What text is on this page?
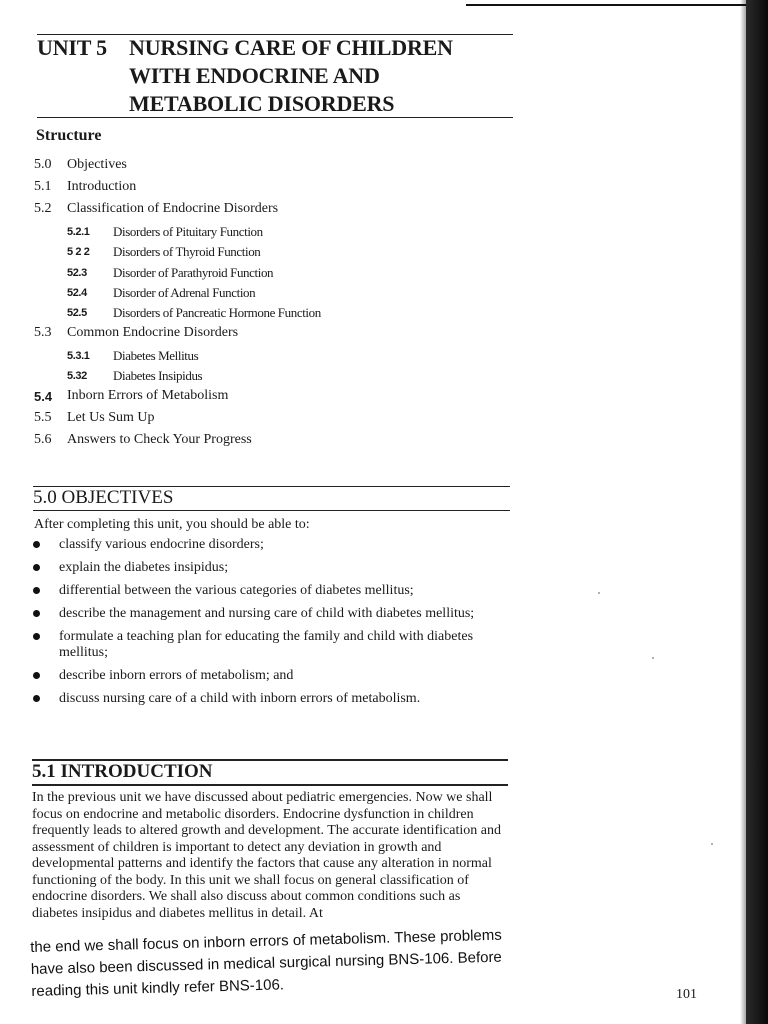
UNIT 5 NURSING CARE OF CHILDREN
WITH ENDOCRINE AND
METABOLIC DISORDERS
Structure
5.0 Objectives
5.1 Introduction
5.2 Classification of Endocrine Disorders
5.2.1 Disorders of Pituitary Function
5 2 2 Disorders of Thyroid Function
52.3 Disorder of Parathyroid Function
52.4 Disorder of Adrenal Function
52.5 Disorders of Pancreatic Hormone Function
5.3 Common Endocrine Disorders
5.3.1 Diabetes Mellitus
5.32 Diabetes Insipidus
5.4 Inborn Errors of Metabolism
5.5 Let Us Sum Up
5.6 Answers to Check Your Progress
5.0 OBJECTIVES
After completing this unit, you should be able to:
classify various endocrine disorders;
explain the diabetes insipidus;
differential between the various categories of diabetes mellitus;
describe the management and nursing care of child with diabetes mellitus;
formulate a teaching plan for educating the family and child with diabetes mellitus;
describe inborn errors of metabolism; and
discuss nursing care of a child with inborn errors of metabolism.
5.1 INTRODUCTION

In the previous unit we have discussed about pediatric emergencies. Now we shall focus on endocrine and metabolic disorders. Endocrine dysfunction in children frequently leads to altered growth and development. The accurate identification and assessment of children is important to detect any deviation in growth and developmental patterns and identify the factors that cause any alteration in normal functioning of the body. In this unit we shall focus on general classification of endocrine disorders. We shall also discuss about common conditions such as diabetes insipidus and diabetes mellitus in detail. At

the end we shall focus on inborn errors of metabolism. These problems have also been discussed in medical surgical nursing BNS-106. Before reading this unit kindly refer BNS-106.	101
